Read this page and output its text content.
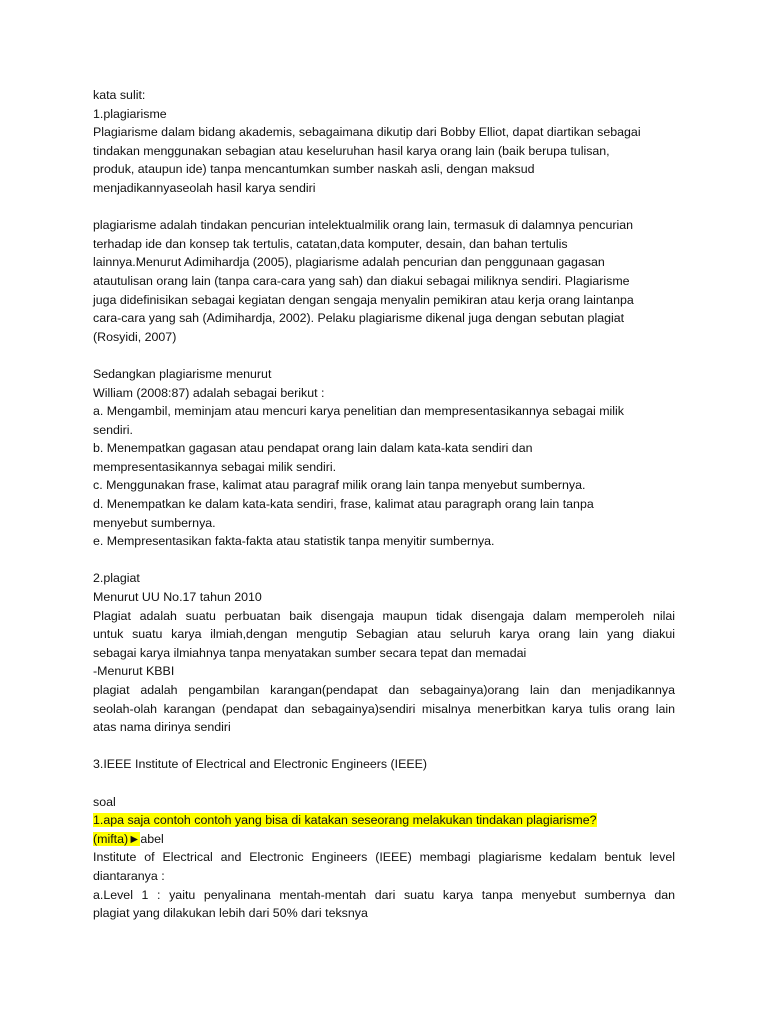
kata sulit:
1.plagiarisme
Plagiarisme dalam bidang akademis, sebagaimana dikutip dari Bobby Elliot, dapat diartikan sebagai
tindakan menggunakan sebagian atau keseluruhan hasil karya orang lain (baik berupa tulisan,
produk, ataupun ide) tanpa mencantumkan sumber naskah asli, dengan maksud
menjadikannyaseolah hasil karya sendiri
plagiarisme adalah tindakan pencurian intelektualmilik orang lain, termasuk di dalamnya pencurian
terhadap ide dan konsep tak tertulis, catatan,data komputer, desain, dan bahan tertulis
lainnya.Menurut Adimihardja (2005), plagiarisme adalah pencurian dan penggunaan gagasan
atautulisan orang lain (tanpa cara-cara yang sah) dan diakui sebagai miliknya sendiri. Plagiarisme
juga didefinisikan sebagai kegiatan dengan sengaja menyalin pemikiran atau kerja orang laintanpa
cara-cara yang sah (Adimihardja, 2002). Pelaku plagiarisme dikenal juga dengan sebutan plagiat
(Rosyidi, 2007)
Sedangkan plagiarisme menurut
William (2008:87) adalah sebagai berikut :
a. Mengambil, meminjam atau mencuri karya penelitian dan mempresentasikannya sebagai milik
sendiri.
b. Menempatkan gagasan atau pendapat orang lain dalam kata-kata sendiri dan
mempresentasikannya sebagai milik sendiri.
c. Menggunakan frase, kalimat atau paragraf milik orang lain tanpa menyebut sumbernya.
d. Menempatkan ke dalam kata-kata sendiri, frase, kalimat atau paragraph orang lain tanpa
menyebut sumbernya.
e. Mempresentasikan fakta-fakta atau statistik tanpa menyitir sumbernya.
2.plagiat
Menurut UU No.17 tahun 2010
Plagiat adalah suatu perbuatan baik disengaja maupun tidak disengaja dalam memperoleh nilai
untuk suatu karya ilmiah,dengan mengutip Sebagian atau seluruh karya orang lain yang diakui
sebagai karya ilmiahnya tanpa menyatakan sumber secara tepat dan memadai
-Menurut KBBI
plagiat adalah pengambilan karangan(pendapat dan sebagainya)orang lain dan menjadikannya
seolah-olah karangan (pendapat dan sebagainya)sendiri misalnya menerbitkan karya tulis orang lain
atas nama dirinya sendiri
3.IEEE Institute of Electrical and Electronic Engineers (IEEE)
soal
1.apa saja contoh contoh yang bisa di katakan seseorang melakukan tindakan plagiarisme?
(mifta)►abel
Institute of Electrical and Electronic Engineers (IEEE) membagi plagiarisme kedalam bentuk level
diantaranya :
a.Level 1 : yaitu penyalinana mentah-mentah dari suatu karya tanpa menyebut sumbernya dan
plagiat yang dilakukan lebih dari 50% dari teksnya
